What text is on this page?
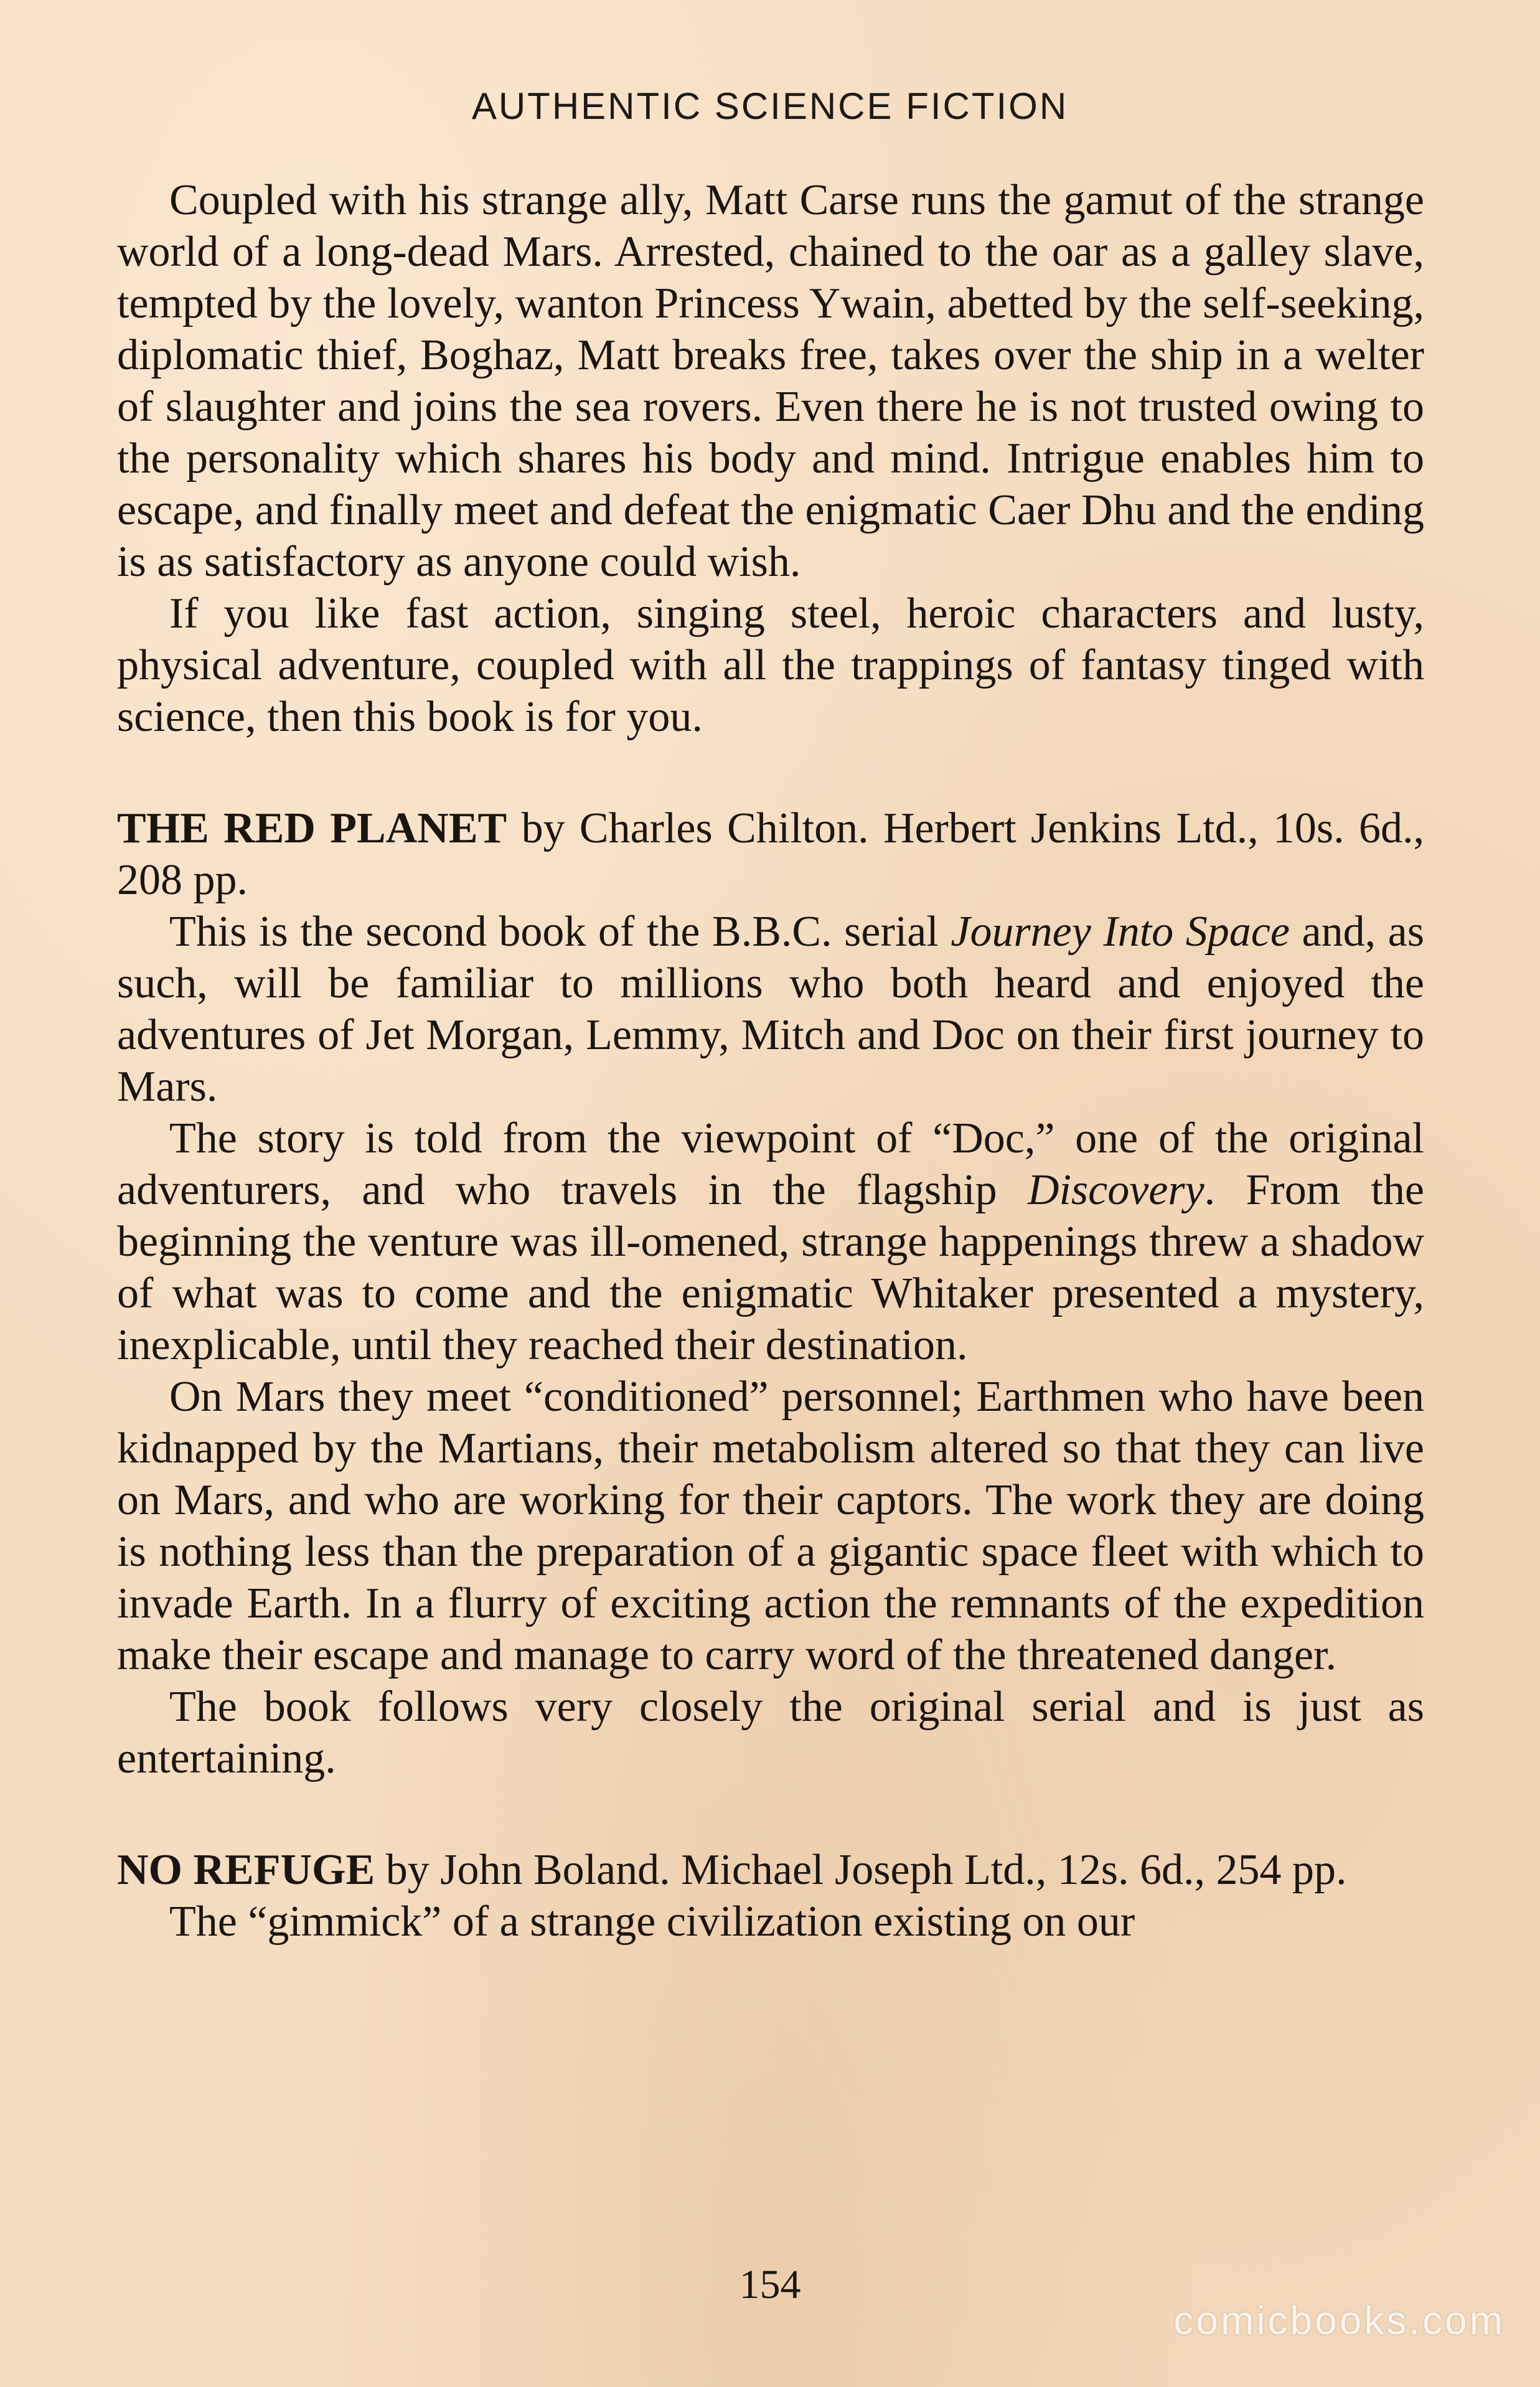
AUTHENTIC SCIENCE FICTION

Coupled with his strange ally, Matt Carse runs the gamut of the strange world of a long-dead Mars. Arrested, chained to the oar as a galley slave, tempted by the lovely, wanton Princess Ywain, abetted by the self-seeking, diplomatic thief, Boghaz, Matt breaks free, takes over the ship in a welter of slaughter and joins the sea rovers. Even there he is not trusted owing to the personality which shares his body and mind. Intrigue enables him to escape, and finally meet and defeat the enigmatic Caer Dhu and the ending is as satisfactory as anyone could wish.

If you like fast action, singing steel, heroic characters and lusty, physical adventure, coupled with all the trappings of fantasy tinged with science, then this book is for you.

THE RED PLANET by Charles Chilton. Herbert Jenkins Ltd., 10s. 6d., 208 pp.

This is the second book of the B.B.C. serial Journey Into Space and, as such, will be familiar to millions who both heard and enjoyed the adventures of Jet Morgan, Lemmy, Mitch and Doc on their first journey to Mars.

The story is told from the viewpoint of “Doc,” one of the original adventurers, and who travels in the flagship Discovery. From the beginning the venture was ill-omened, strange happenings threw a shadow of what was to come and the enigmatic Whitaker presented a mystery, inexplicable, until they reached their destination.

On Mars they meet “conditioned” personnel; Earthmen who have been kidnapped by the Martians, their metabolism altered so that they can live on Mars, and who are working for their captors. The work they are doing is nothing less than the preparation of a gigantic space fleet with which to invade Earth. In a flurry of exciting action the remnants of the expedition make their escape and manage to carry word of the threatened danger.

The book follows very closely the original serial and is just as entertaining.

NO REFUGE by John Boland. Michael Joseph Ltd., 12s. 6d., 254 pp.

The “gimmick” of a strange civilization existing on our

154
comicbooks.com
